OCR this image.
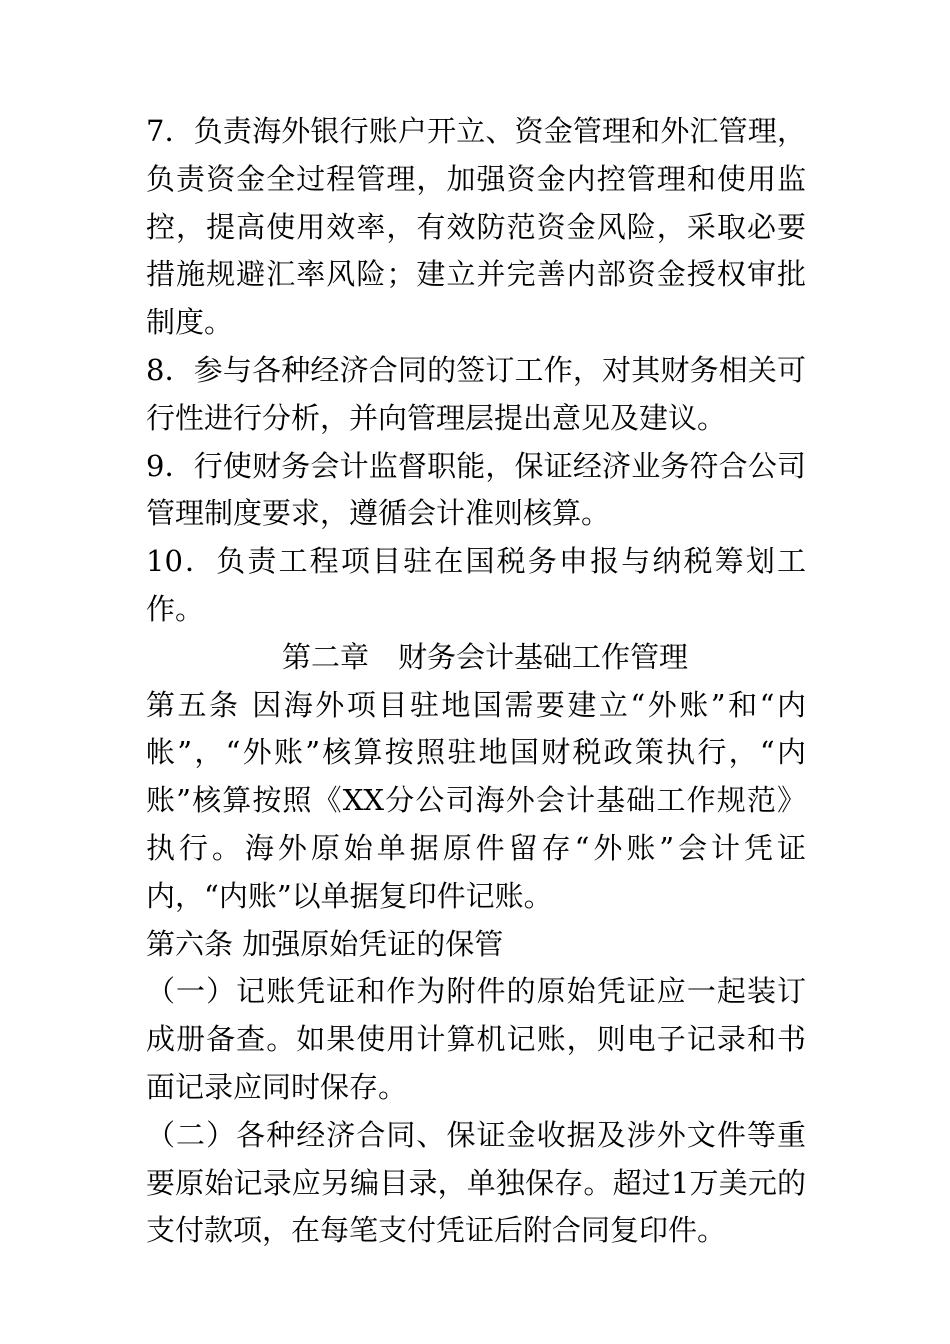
7．负责海外银行账户开立、资金管理和外汇管理，负责资金全过程管理，加强资金内控管理和使用监控，提高使用效率，有效防范资金风险，采取必要措施规避汇率风险；建立并完善内部资金授权审批制度。

8．参与各种经济合同的签订工作，对其财务相关可行性进行分析，并向管理层提出意见及建议。

9．行使财务会计监督职能，保证经济业务符合公司管理制度要求，遵循会计准则核算。

10．负责工程项目驻在国税务申报与纳税筹划工作。

第二章　财务会计基础工作管理

第五条 因海外项目驻地国需要建立“外账”和“内帐”，“外账”核算按照驻地国财税政策执行，“内账”核算按照《XX分公司海外会计基础工作规范》执行。海外原始单据原件留存“外账”会计凭证内，“内账”以单据复印件记账。

第六条 加强原始凭证的保管

（一）记账凭证和作为附件的原始凭证应一起装订成册备查。如果使用计算机记账，则电子记录和书面记录应同时保存。

（二）各种经济合同、保证金收据及涉外文件等重要原始记录应另编目录，单独保存。超过1万美元的支付款项，在每笔支付凭证后附合同复印件。
